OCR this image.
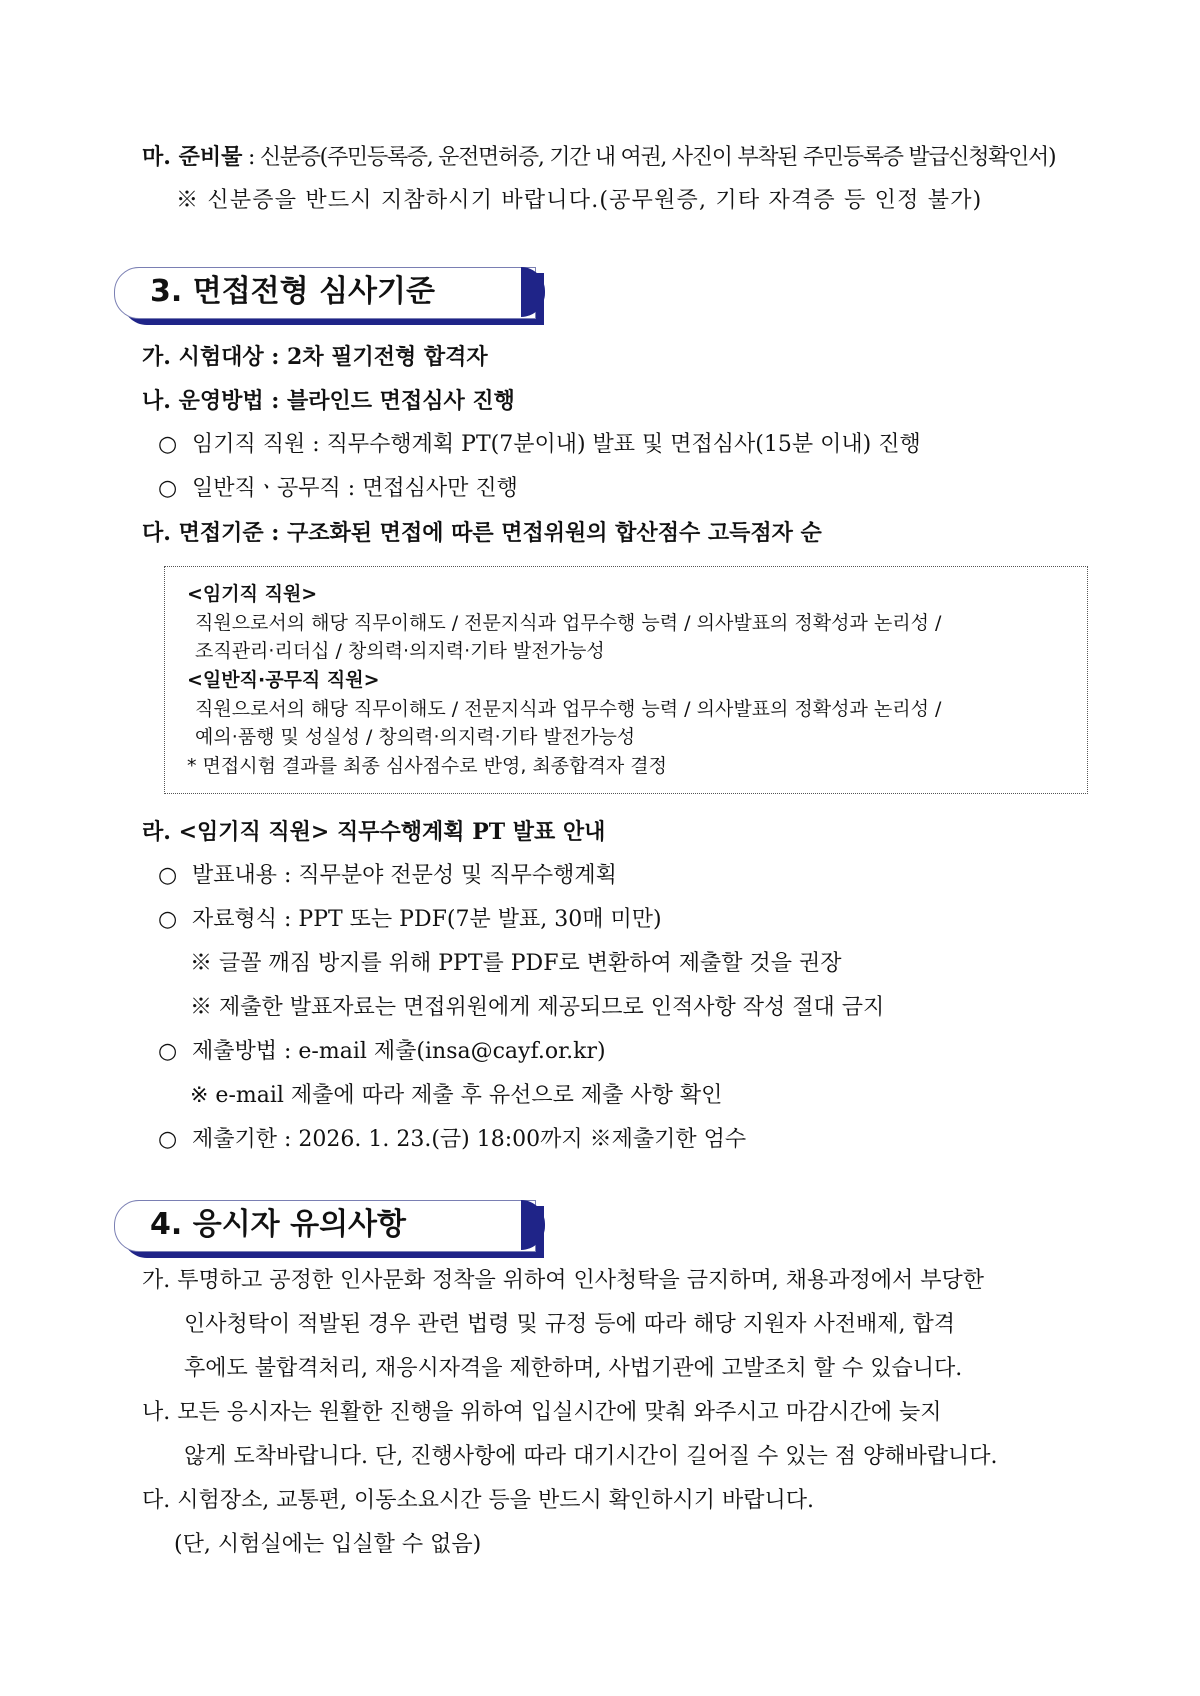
마. 준비물 : 신분증(주민등록증, 운전면허증, 기간 내 여권, 사진이 부착된 주민등록증 발급신청확인서)
※ 신분증을 반드시 지참하시기 바랍니다.(공무원증, 기타 자격증 등 인정 불가)
3. 면접전형 심사기준
가. 시험대상 : 2차 필기전형 합격자
나. 운영방법 : 블라인드 면접심사 진행
○ 임기직 직원 : 직무수행계획 PT(7분이내) 발표 및 면접심사(15분 이내) 진행
○ 일반직ㆍ공무직 : 면접심사만 진행
다. 면접기준 : 구조화된 면접에 따른 면접위원의 합산점수 고득점자 순
<임기직 직원>
직원으로서의 해당 직무이해도 / 전문지식과 업무수행 능력 / 의사발표의 정확성과 논리성 /
조직관리·리더십 / 창의력·의지력·기타 발전가능성
<일반직·공무직 직원>
직원으로서의 해당 직무이해도 / 전문지식과 업무수행 능력 / 의사발표의 정확성과 논리성 /
예의·품행 및 성실성 / 창의력·의지력·기타 발전가능성
* 면접시험 결과를 최종 심사점수로 반영, 최종합격자 결정
라. <임기직 직원> 직무수행계획 PT 발표 안내
○ 발표내용 : 직무분야 전문성 및 직무수행계획
○ 자료형식 : PPT 또는 PDF(7분 발표, 30매 미만)
※ 글꼴 깨짐 방지를 위해 PPT를 PDF로 변환하여 제출할 것을 권장
※ 제출한 발표자료는 면접위원에게 제공되므로 인적사항 작성 절대 금지
○ 제출방법 : e-mail 제출(insa@cayf.or.kr)
※ e-mail 제출에 따라 제출 후 유선으로 제출 사항 확인
○ 제출기한 : 2026. 1. 23.(금) 18:00까지 ※제출기한 엄수
4. 응시자 유의사항
가. 투명하고 공정한 인사문화 정착을 위하여 인사청탁을 금지하며, 채용과정에서 부당한
인사청탁이 적발된 경우 관련 법령 및 규정 등에 따라 해당 지원자 사전배제, 합격
후에도 불합격처리, 재응시자격을 제한하며, 사법기관에 고발조치 할 수 있습니다.
나. 모든 응시자는 원활한 진행을 위하여 입실시간에 맞춰 와주시고 마감시간에 늦지
않게 도착바랍니다. 단, 진행사항에 따라 대기시간이 길어질 수 있는 점 양해바랍니다.
다. 시험장소, 교통편, 이동소요시간 등을 반드시 확인하시기 바랍니다.
(단, 시험실에는 입실할 수 없음)
